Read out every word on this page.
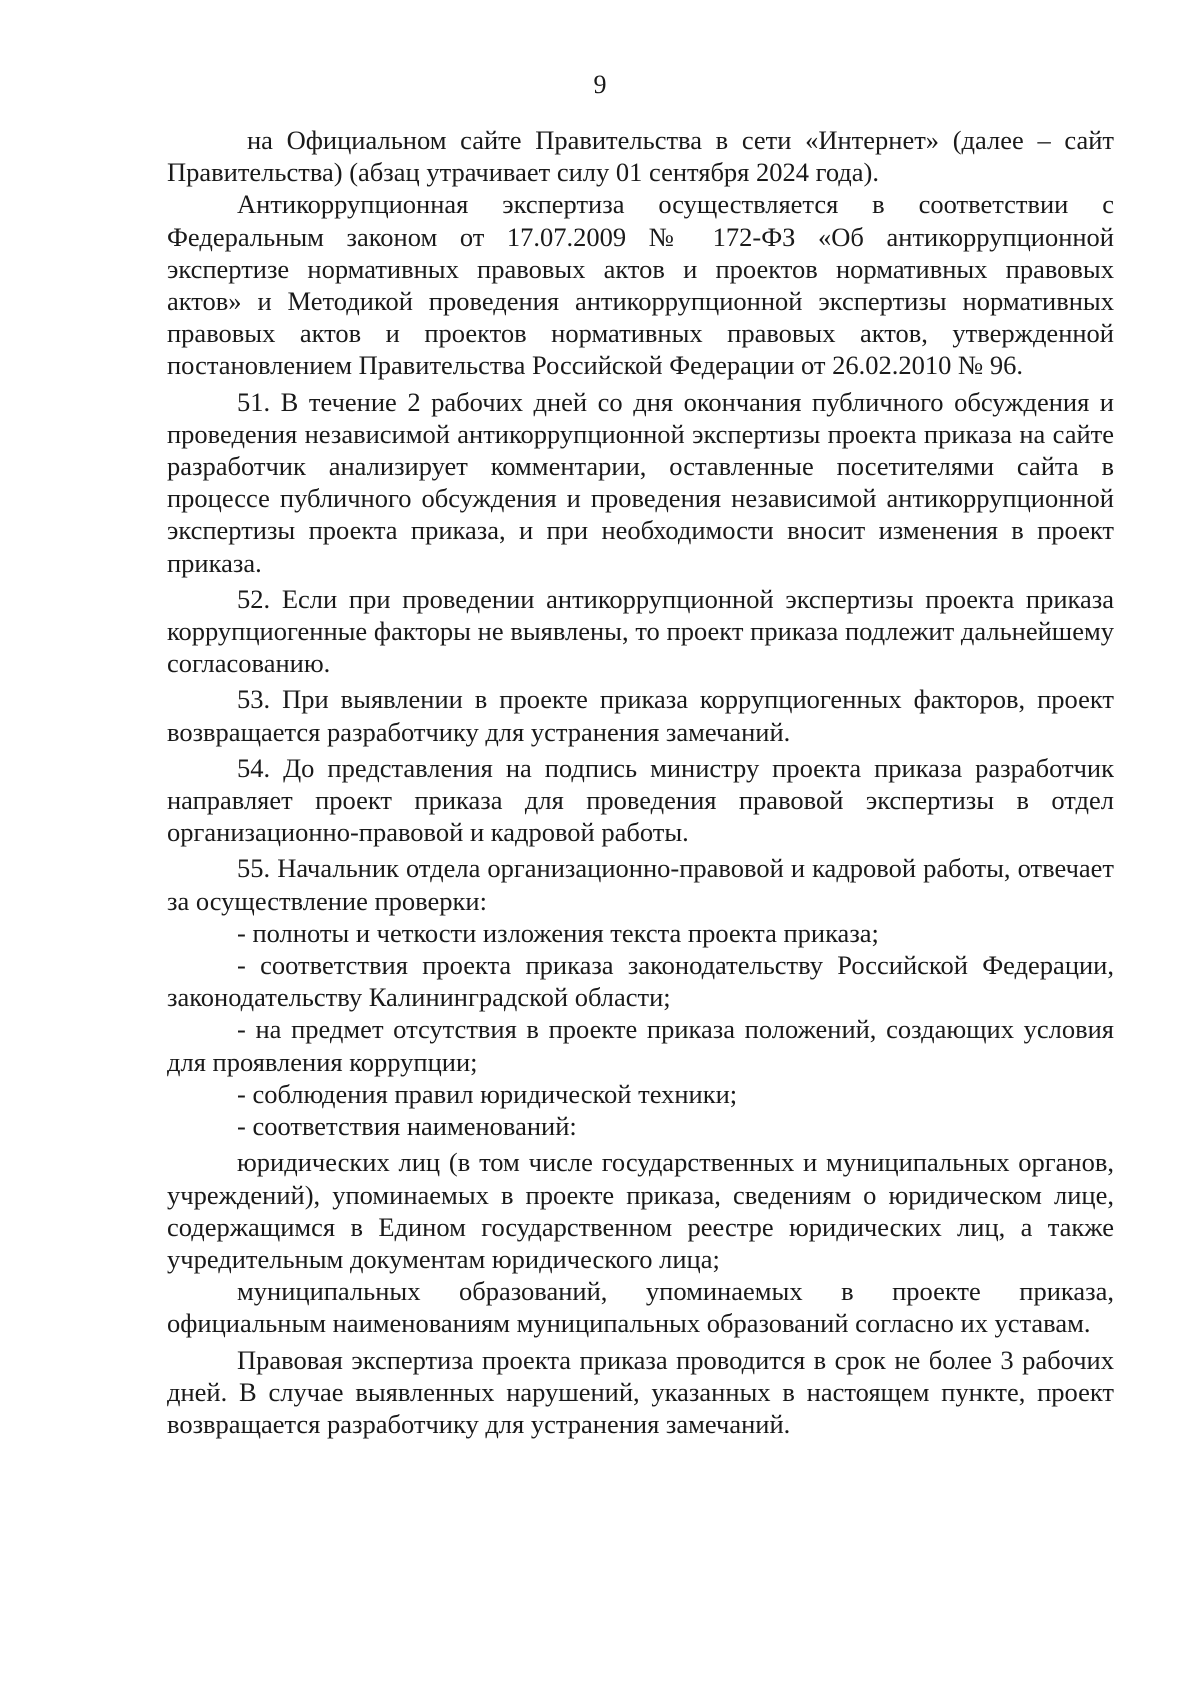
9

на Официальном сайте Правительства в сети «Интернет» (далее – сайт Правительства) (абзац утрачивает силу 01 сентября 2024 года).

Антикоррупционная экспертиза осуществляется в соответствии с Федеральным законом от 17.07.2009 № 172-ФЗ «Об антикоррупционной экспертизе нормативных правовых актов и проектов нормативных правовых актов» и Методикой проведения антикоррупционной экспертизы нормативных правовых актов и проектов нормативных правовых актов, утвержденной постановлением Правительства Российской Федерации от 26.02.2010 № 96.

51. В течение 2 рабочих дней со дня окончания публичного обсуждения и проведения независимой антикоррупционной экспертизы проекта приказа на сайте разработчик анализирует комментарии, оставленные посетителями сайта в процессе публичного обсуждения и проведения независимой антикоррупционной экспертизы проекта приказа, и при необходимости вносит изменения в проект приказа.

52. Если при проведении антикоррупционной экспертизы проекта приказа коррупциогенные факторы не выявлены, то проект приказа подлежит дальнейшему согласованию.

53. При выявлении в проекте приказа коррупциогенных факторов, проект возвращается разработчику для устранения замечаний.

54. До представления на подпись министру проекта приказа разработчик направляет проект приказа для проведения правовой экспертизы в отдел организационно-правовой и кадровой работы.

55. Начальник отдела организационно-правовой и кадровой работы, отвечает за осуществление проверки:

- полноты и четкости изложения текста проекта приказа;

- соответствия проекта приказа законодательству Российской Федерации, законодательству Калининградской области;

- на предмет отсутствия в проекте приказа положений, создающих условия для проявления коррупции;

- соблюдения правил юридической техники;

- соответствия наименований:

юридических лиц (в том числе государственных и муниципальных органов, учреждений), упоминаемых в проекте приказа, сведениям о юридическом лице, содержащимся в Едином государственном реестре юридических лиц, а также учредительным документам юридического лица;

муниципальных образований, упоминаемых в проекте приказа, официальным наименованиям муниципальных образований согласно их уставам.

Правовая экспертиза проекта приказа проводится в срок не более 3 рабочих дней. В случае выявленных нарушений, указанных в настоящем пункте, проект возвращается разработчику для устранения замечаний.
